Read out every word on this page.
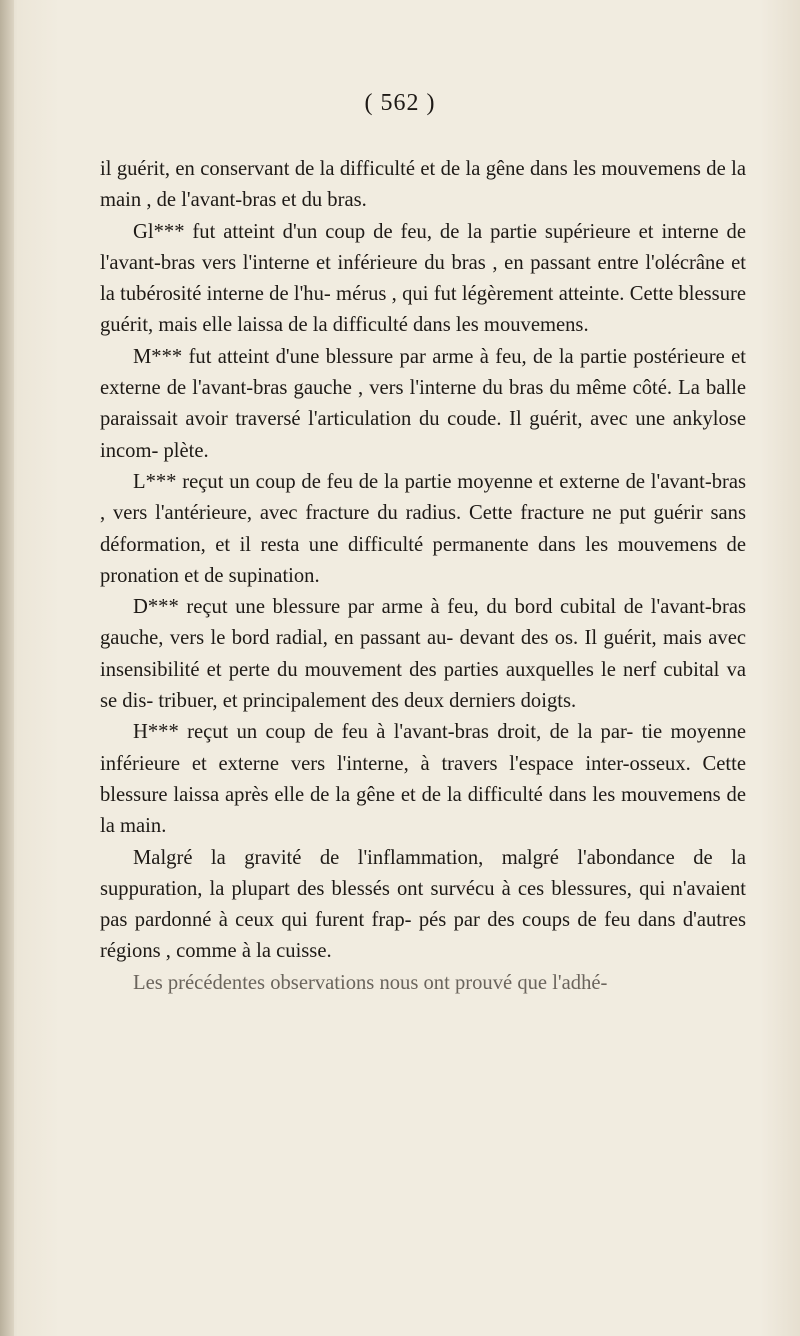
( 562 )

il guérit, en conservant de la difficulté et de la gêne dans les mouvemens de la main , de l'avant-bras et du bras.

Gl*** fut atteint d'un coup de feu, de la partie supérieure et interne de l'avant-bras vers l'interne et inférieure du bras , en passant entre l'olécrâne et la tubérosité interne de l'hu- mérus , qui fut légèrement atteinte. Cette blessure guérit, mais elle laissa de la difficulté dans les mouvemens.

M*** fut atteint d'une blessure par arme à feu, de la partie postérieure et externe de l'avant-bras gauche , vers l'interne du bras du même côté. La balle paraissait avoir traversé l'articulation du coude. Il guérit, avec une ankylose incom- plète.

L*** reçut un coup de feu de la partie moyenne et externe de l'avant-bras , vers l'antérieure, avec fracture du radius. Cette fracture ne put guérir sans déformation, et il resta une difficulté permanente dans les mouvemens de pronation et de supination.

D*** reçut une blessure par arme à feu, du bord cubital de l'avant-bras gauche, vers le bord radial, en passant au- devant des os. Il guérit, mais avec insensibilité et perte du mouvement des parties auxquelles le nerf cubital va se dis- tribuer, et principalement des deux derniers doigts.

H*** reçut un coup de feu à l'avant-bras droit, de la par- tie moyenne inférieure et externe vers l'interne, à travers l'espace inter-osseux. Cette blessure laissa après elle de la gêne et de la difficulté dans les mouvemens de la main.

Malgré la gravité de l'inflammation, malgré l'abondance de la suppuration, la plupart des blessés ont survécu à ces blessures, qui n'avaient pas pardonné à ceux qui furent frap- pés par des coups de feu dans d'autres régions , comme à la cuisse.

Les précédentes observations nous ont prouvé que l'adhé-
